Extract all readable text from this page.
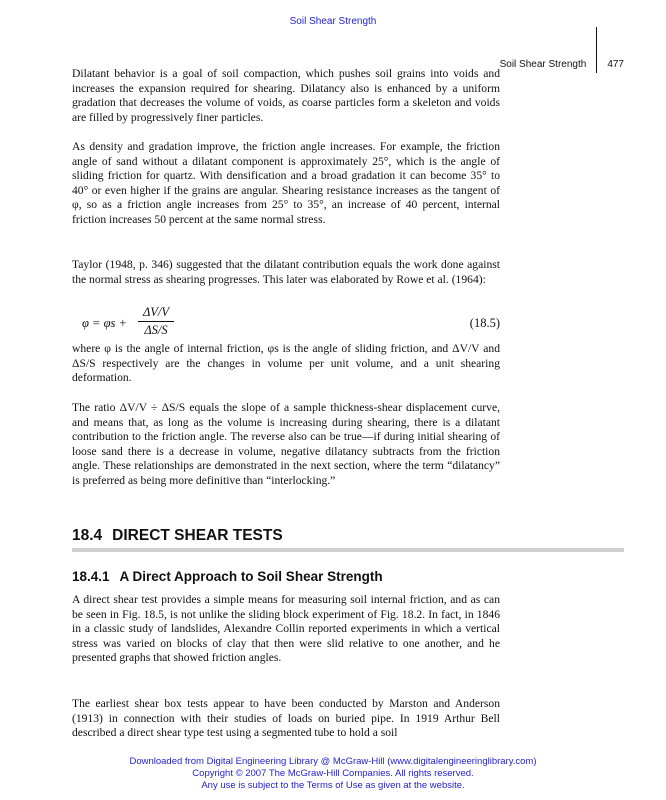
Soil Shear Strength
Soil Shear Strength 477

Dilatant behavior is a goal of soil compaction, which pushes soil grains into voids and increases the expansion required for shearing. Dilatancy also is enhanced by a uniform gradation that decreases the volume of voids, as coarse particles form a skeleton and voids are filled by progressively finer particles.

As density and gradation improve, the friction angle increases. For example, the friction angle of sand without a dilatant component is approximately 25°, which is the angle of sliding friction for quartz. With densification and a broad gradation it can become 35° to 40° or even higher if the grains are angular. Shearing resistance increases as the tangent of φ, so as a friction angle increases from 25° to 35°, an increase of 40 percent, internal friction increases 50 percent at the same normal stress.

Taylor (1948, p. 346) suggested that the dilatant contribution equals the work done against the normal stress as shearing progresses. This later was elaborated by Rowe et al. (1964):

$\varphi = \varphi s + \frac{\Delta V/V}{\Delta S/S}$	(18.5)

where φ is the angle of internal friction, φs is the angle of sliding friction, and ΔV/V and ΔS/S respectively are the changes in volume per unit volume, and a unit shearing deformation.

The ratio ΔV/V ÷ ΔS/S equals the slope of a sample thickness-shear displacement curve, and means that, as long as the volume is increasing during shearing, there is a dilatant contribution to the friction angle. The reverse also can be true—if during initial shearing of loose sand there is a decrease in volume, negative dilatancy subtracts from the friction angle. These relationships are demonstrated in the next section, where the term “dilatancy” is preferred as being more definitive than “interlocking.”

18.4 DIRECT SHEAR TESTS
18.4.1 A Direct Approach to Soil Shear Strength

A direct shear test provides a simple means for measuring soil internal friction, and as can be seen in Fig. 18.5, is not unlike the sliding block experiment of Fig. 18.2. In fact, in 1846 in a classic study of landslides, Alexandre Collin reported experiments in which a vertical stress was varied on blocks of clay that then were slid relative to one another, and he presented graphs that showed friction angles.

The earliest shear box tests appear to have been conducted by Marston and Anderson (1913) in connection with their studies of loads on buried pipe. In 1919 Arthur Bell described a direct shear type test using a segmented tube to hold a soil

Downloaded from Digital Engineering Library @ McGraw-Hill (www.digitalengineeringlibrary.com)
Copyright © 2007 The McGraw-Hill Companies. All rights reserved.
Any use is subject to the Terms of Use as given at the website.
